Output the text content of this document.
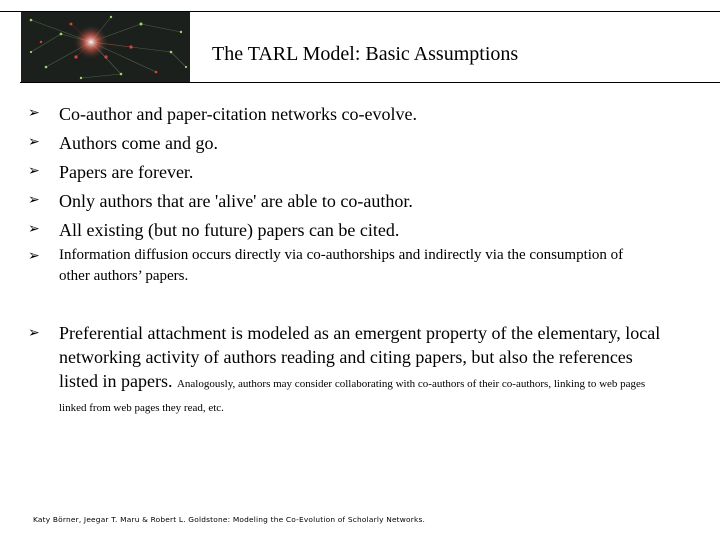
The TARL Model: Basic Assumptions
➢	Co-author and paper-citation networks co-evolve.
➢	Authors come and go.
➢	Papers are forever.
➢	Only authors that are 'alive' are able to co-author.
➢	All existing (but no future) papers can be cited.
➢	Information diffusion occurs directly via co-authorships and indirectly via the consumption of other authors’ papers.
➢	Preferential attachment is modeled as an emergent property of the elementary, local networking activity of authors reading and citing papers, but also the references listed in papers. Analogously, authors may consider collaborating with co-authors of their co-authors, linking to web pages linked from web pages they read, etc.
Katy Börner, Jeegar T. Maru & Robert L. Goldstone: Modeling the Co-Evolution of Scholarly Networks.
